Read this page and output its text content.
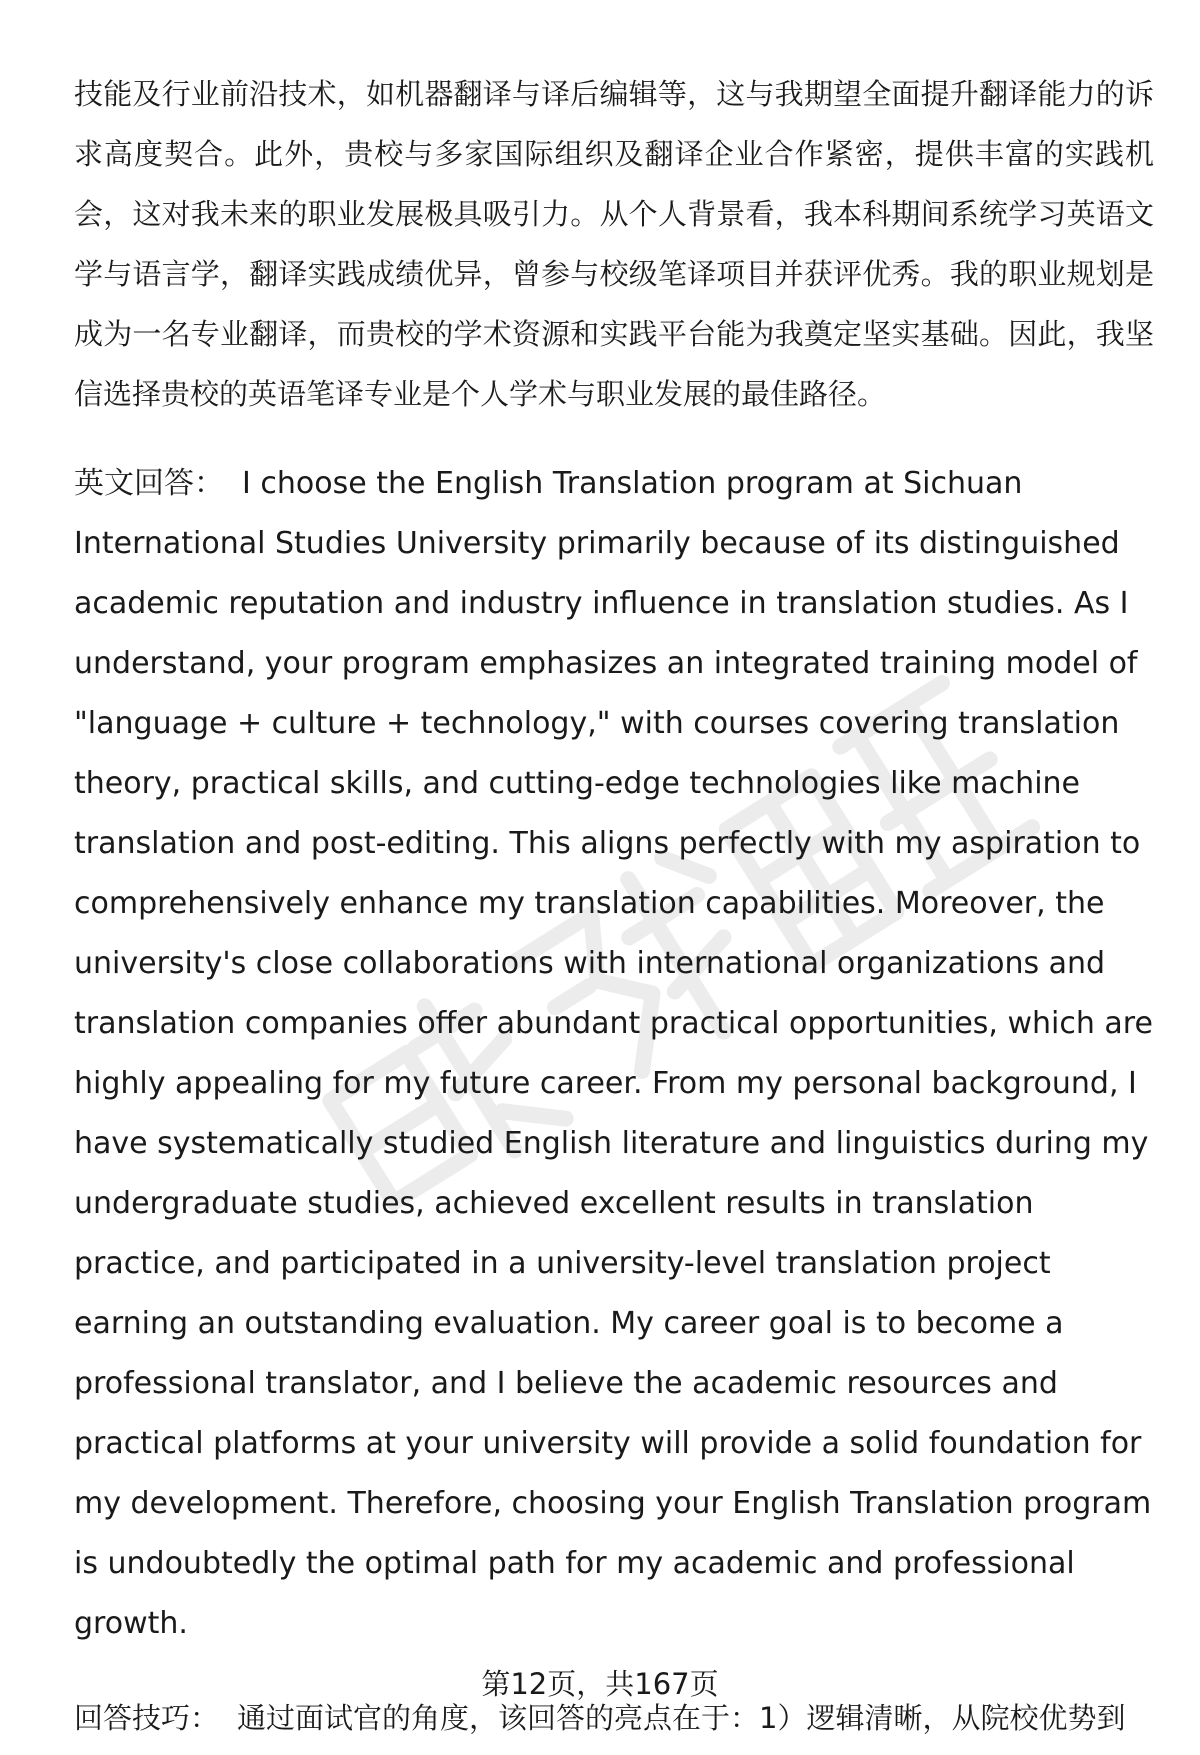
技能及行业前沿技术，如机器翻译与译后编辑等，这与我期望全面提升翻译能力的诉求高度契合。此外，贵校与多家国际组织及翻译企业合作紧密，提供丰富的实践机会，这对我未来的职业发展极具吸引力。从个人背景看，我本科期间系统学习英语文学与语言学，翻译实践成绩优异，曾参与校级笔译项目并获评优秀。我的职业规划是成为一名专业翻译，而贵校的学术资源和实践平台能为我奠定坚实基础。因此，我坚信选择贵校的英语笔译专业是个人学术与职业发展的最佳路径。

英文回答： I choose the English Translation program at Sichuan International Studies University primarily because of its distinguished academic reputation and industry influence in translation studies. As I understand, your program emphasizes an integrated training model of "language + culture + technology," with courses covering translation theory, practical skills, and cutting-edge technologies like machine translation and post-editing. This aligns perfectly with my aspiration to comprehensively enhance my translation capabilities. Moreover, the university's close collaborations with international organizations and translation companies offer abundant practical opportunities, which are highly appealing for my future career. From my personal background, I have systematically studied English literature and linguistics during my undergraduate studies, achieved excellent results in translation practice, and participated in a university-level translation project earning an outstanding evaluation. My career goal is to become a professional translator, and I believe the academic resources and practical platforms at your university will provide a solid foundation for my development. Therefore, choosing your English Translation program is undoubtedly the optimal path for my academic and professional growth.

回答技巧： 通过面试官的角度，该回答的亮点在于：1）逻辑清晰，从院校优势到

第12页，共167页
